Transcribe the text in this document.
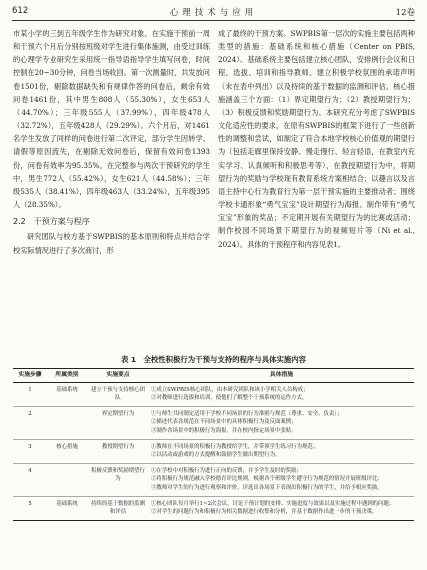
612	心理技术与应用	12卷

市某小学的三到五年级学生作为研究对象。在实施干预前一周和干预六个月后分别按班级对学生进行集体施测，由受过训练的心理学专业研究生采用统一指导语指导学生填写问卷，时间控制在20~30分钟，问卷当场收回。第一次测量时，共发放问卷1501份，剔除数据缺失和有规律作答的问卷后，剩余有效问卷1461份，其中男生808人（55.30%），女生653人（44.70%）；三年级555人（37.99%），四年级478人（32.72%），五年级428人（29.29%）。六个月后，对1461名学生发放了同样的问卷进行第二次评定，部分学生因转学、请假等原因流失，在剔除无效问卷后，保留有效问卷1393份，问卷有效率为95.35%。在完整参与两次干预研究的学生中，男生772人（55.42%），女生621人（44.58%）；三年级535人（38.41%），四年级463人（33.24%），五年级395人（28.35%）。

2.2　干预方案与程序

研究团队与校方基于SWPBIS的基本原则和特点并结合学校实际情况进行了多次商讨，形

成了最终的干预方案。SWPBIS第一层次的实施主要包括两种类型的措施：基础系统和核心措施（Center on PBIS, 2024）。基础系统主要包括建立核心团队，安排例行会议和日程，选拔、培训和指导教师、建立积极学校氛围的承诺声明（未在表中列出）以及持续的基于数据的监测和评估。核心措施涵盖三个方面：（1）界定期望行为；（2）教授期望行为；（3）积极反馈和奖励期望行为。本研究充分考虑了SWPBIS文化适应性的要求，在原有SWPBIS的框架下进行了一些创新性的调整和尝试，如制定了符合本地学校核心价值观的期望行为（包括走廊里保持安静、慢走慢行、轻言轻语，在教室内充实学习、认真倾听和积极思考等），在教授期望行为中，将期望行为的奖励与学校现有教育系统方案相结合；以趣言以及言语主持中心行为教育行为第一层干预实施的主要推动者；围绕学校卡通形象“勇气宝宝”设计期望行为海报、制作带有“勇气宝宝”形象的奖品；不定期开展有关期望行为的比赛或活动；制作校园不同场景下期望行为的视频短片等（Ni et al., 2024）。具体的干预程序和内容见表1。

表 1　全校性积极行为干预与支持的程序与具体实施内容
实施步骤	所属类别	实施要点	具体措施
1	基础系统	建立干预与支持核心团队	①成立SWPBIS核心团队，由本研究团队和该小学相关人员构成；
②对教师进行选拔和培训，使他们了解整个干预系统的运作方式。

2		界定期望行为	①与师生共同制定适用于学校不同场景的行为准则与规范（尊重、安全、负责）；
②描述代表各规范在不同场景中的具体积极行为及反面案例；
③制作各场景中的积极行为海报，并在校内指定场景中张贴。

3	核心措施	教授期望行为	①教师在不同场景的积极行为教授给学生，并带领学生练习行为规范；
②以活动或游戏的方式提醒和鼓励学生做出期望行为。

4		积极反馈和奖励期望行为	①在学校中对积极行为进行正向的反馈，并予学生及时的奖励；
②将积极行为规范融入学校德育评比规则，根据各个班级学生遵守行为规范的情况开展班级评比；
③教师对学生的行为进行观察和评价，评选出各场景下表现出积极行为的学生，并给予相应奖励。

5	基础系统	持续的基于数据的监测和评估	①核心团队每月举行1~2次会议，讨论干预计划的安排、实施进度与效果以及实施过程中遇到的问题；
②对学生的问题行为和积极行为相关数据进行收集和分析，并基于数据作出进一步的干预决策。
